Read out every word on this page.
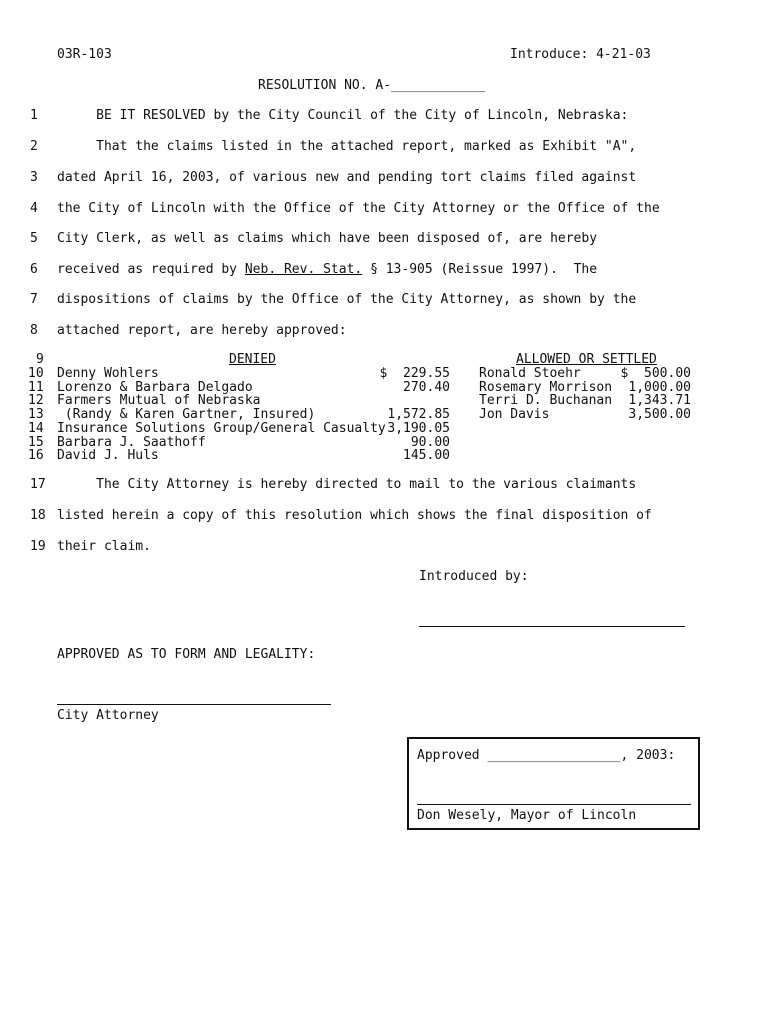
03R-103	Introduce: 4-21-03
RESOLUTION NO. A-____________
1
2
3
4
5
6
7
8
BE IT RESOLVED by the City Council of the City of Lincoln, Nebraska:
That the claims listed in the attached report, marked as Exhibit "A",
dated April 16, 2003, of various new and pending tort claims filed against
the City of Lincoln with the Office of the City Attorney or the Office of the
City Clerk, as well as claims which have been disposed of, are hereby
received as required by Neb. Rev. Stat. § 13-905 (Reissue 1997).  The
dispositions of claims by the Office of the City Attorney, as shown by the
attached report, are hereby approved:
9
10
11
12
13
14
15
16
DENIED
Denny Wohlers
Lorenzo & Barbara Delgado
Farmers Mutual of Nebraska
(Randy & Karen Gartner, Insured)
Insurance Solutions Group/General Casualty
Barbara J. Saathoff
David J. Huls
$  229.55
270.40
1,572.85
3,190.05
90.00
145.00
ALLOWED OR SETTLED
Ronald Stoehr
Rosemary Morrison
Terri D. Buchanan
Jon Davis
$  500.00
1,000.00
1,343.71
3,500.00
17
18
19
The City Attorney is hereby directed to mail to the various claimants
listed herein a copy of this resolution which shows the final disposition of
their claim.
Introduced by:
APPROVED AS TO FORM AND LEGALITY:
City Attorney
Approved _________________, 2003:
Don Wesely, Mayor of Lincoln
